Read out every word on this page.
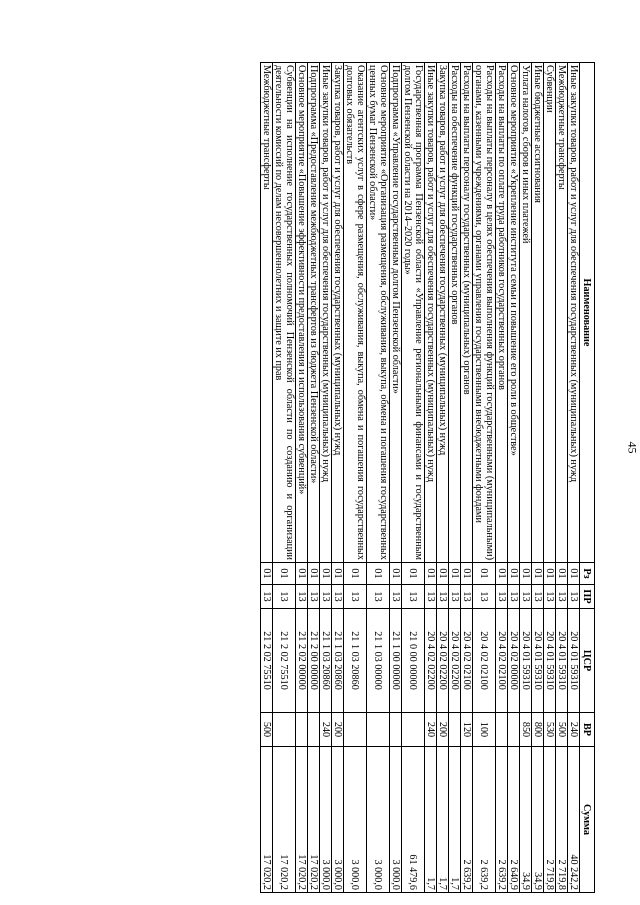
45
Наименование	Рз	ПР	ЦСР	ВР	Сумма
Иные закупки товаров, работ и услуг для обеспечения государственных (муниципальных) нужд	01	13	20 4 01 59310	240	40 242,2
Межбюджетные трансферты	01	13	20 4 01 59310	500	2 719,8
Субвенции	01	13	20 4 01 59310	530	2 719,8
Иные бюджетные ассигнования	01	13	20 4 01 59310	800	34,9
Уплата налогов, сборов и иных платежей	01	13	20 4 01 59310	850	34,9
Основное мероприятие «Укрепление института семьи и повышение его роли в обществе»	01	13	20 4 02 00000		2 640,9
Расходы на выплаты по оплате труда работников государственных органов	01	13	20 4 02 02100		2 639,2
Расходы на выплаты персоналу в целях обеспечения выполнения функций государственными (муниципальными) органами, казенными учреждениями, органами управления государственными внебюджетными фондами	01	13	20 4 02 02100	100	2 639,2
Расходы на выплаты персоналу государственных (муниципальных) органов	01	13	20 4 02 02100	120	2 639,2
Расходы на обеспечение функций государственных органов	01	13	20 4 02 02200		1,7
Закупка товаров, работ и услуг для обеспечения государственных (муниципальных) нужд	01	13	20 4 02 02200	200	1,7
Иные закупки товаров, работ и услуг для обеспечения государственных (муниципальных) нужд	01	13	20 4 02 02200	240	1,7
Государственная программа Пензенской области «Управление региональными финансами и государственным долгом Пензенской области на 2014–2020 годы»	01	13	21 0 00 00000		61 479,6
Подпрограмма «Управление государственным долгом Пензенской области»	01	13	21 1 00 00000		3 000,0
Основное мероприятие «Организация размещения, обслуживания, выкупа, обмена и погашения государственных ценных бумаг Пензенской области»	01	13	21 1 03 00000		3 000,0
Оказание агентских услуг в сфере размещения, обслуживания, выкупа, обмена и погашения государственных долговых обязательств	01	13	21 1 03 20860		3 000,0
Закупка товаров, работ и услуг для обеспечения государственных (муниципальных) нужд	01	13	21 1 03 20860	200	3 000,0
Иные закупки товаров, работ и услуг для обеспечения государственных (муниципальных) нужд	01	13	21 1 03 20860	240	3 000,0
Подпрограмма «Предоставление межбюджетных трансфертов из бюджета Пензенской области»	01	13	21 2 00 00000		17 020,2
Основное мероприятие «Повышение эффективности предоставления и использования субвенций»	01	13	21 2 02 00000		17 020,2
Субвенции на исполнение государственных полномочий Пензенской области по созданию и организации деятельности комиссий по делам несовершеннолетних и защите их прав	01	13	21 2 02 75510		17 020,2
Межбюджетные трансферты	01	13	21 2 02 75510	500	17 020,2
